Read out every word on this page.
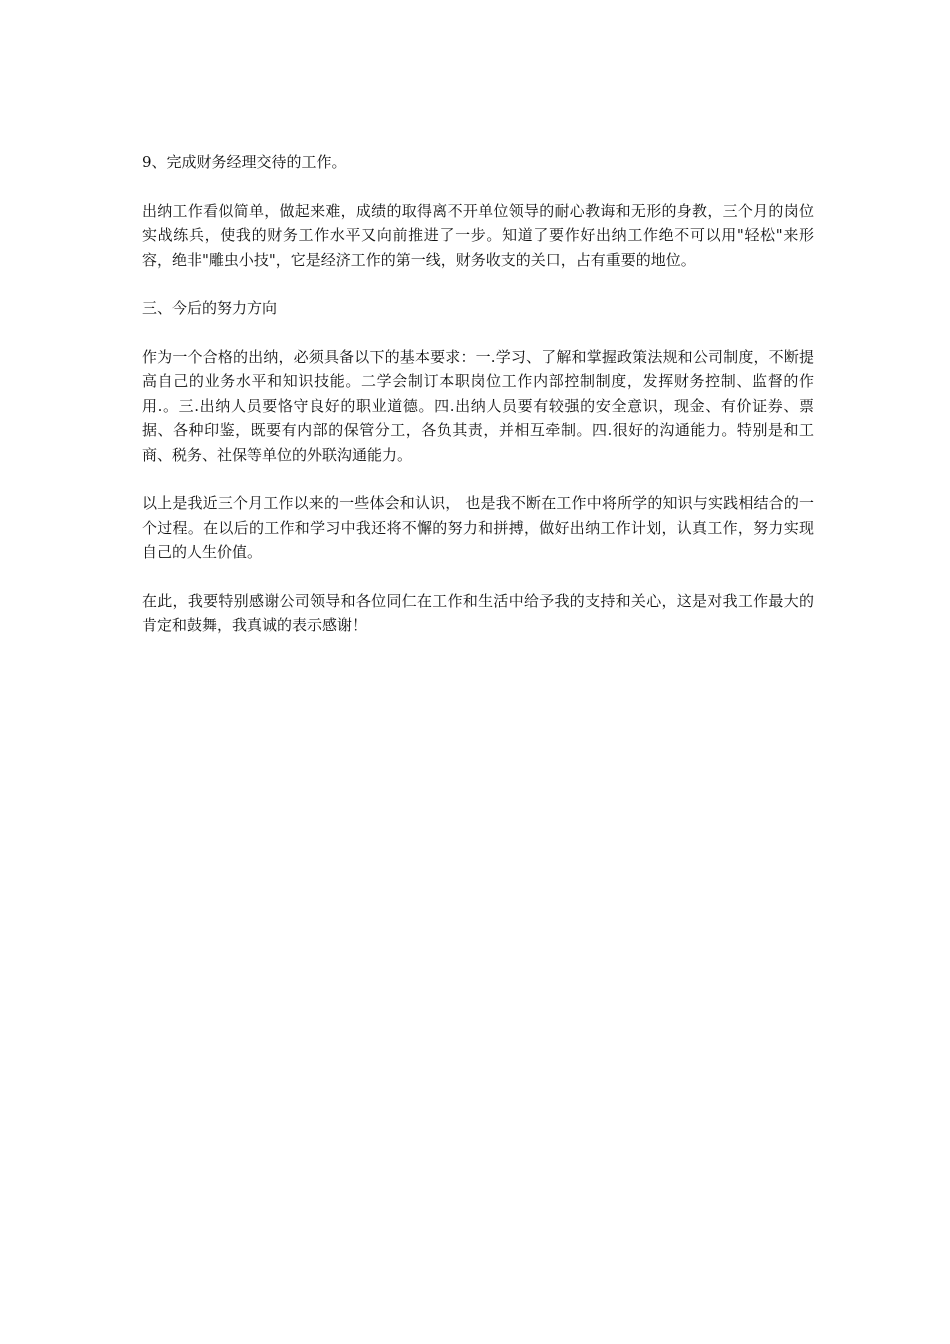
9、完成财务经理交待的工作。

出纳工作看似简单，做起来难，成绩的取得离不开单位领导的耐心教诲和无形的身教，三个月的岗位实战练兵，使我的财务工作水平又向前推进了一步。知道了要作好出纳工作绝不可以用"轻松"来形容，绝非"雕虫小技"，它是经济工作的第一线，财务收支的关口，占有重要的地位。

三、今后的努力方向

作为一个合格的出纳，必须具备以下的基本要求：一.学习、了解和掌握政策法规和公司制度，不断提高自己的业务水平和知识技能。二学会制订本职岗位工作内部控制制度，发挥财务控制、监督的作用.。三.出纳人员要恪守良好的职业道德。四.出纳人员要有较强的安全意识，现金、有价证券、票据、各种印鉴，既要有内部的保管分工，各负其责，并相互牵制。四.很好的沟通能力。特别是和工商、税务、社保等单位的外联沟通能力。

以上是我近三个月工作以来的一些体会和认识， 也是我不断在工作中将所学的知识与实践相结合的一个过程。在以后的工作和学习中我还将不懈的努力和拼搏，做好出纳工作计划，认真工作，努力实现自己的人生价值。

在此，我要特别感谢公司领导和各位同仁在工作和生活中给予我的支持和关心，这是对我工作最大的肯定和鼓舞，我真诚的表示感谢！
